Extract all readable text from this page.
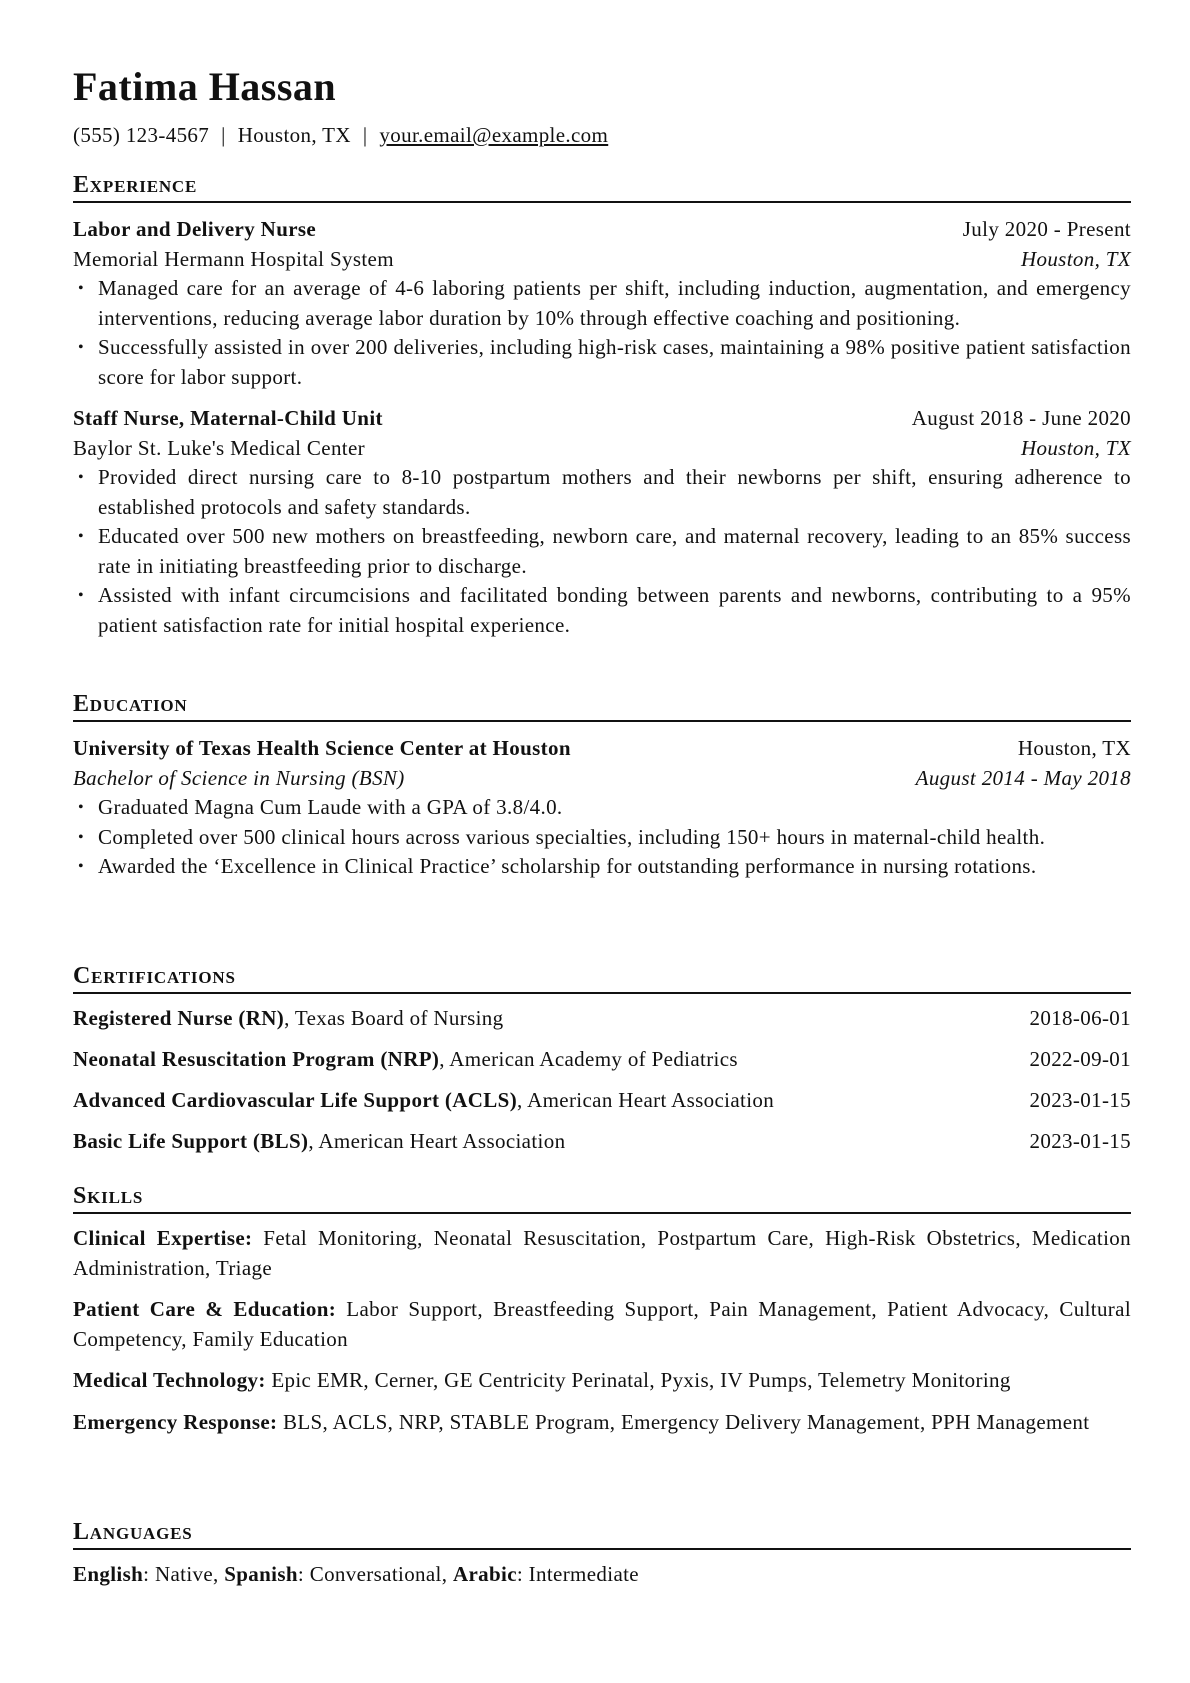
Fatima Hassan
(555) 123-4567 | Houston, TX | your.email@example.com
Experience
Labor and Delivery Nurse	July 2020 - Present
Memorial Hermann Hospital System	Houston, TX
• Managed care for an average of 4-6 laboring patients per shift, including induction, augmentation, and emergency interventions, reducing average labor duration by 10% through effective coaching and positioning.
• Successfully assisted in over 200 deliveries, including high-risk cases, maintaining a 98% positive patient satisfaction score for labor support.
Staff Nurse, Maternal-Child Unit	August 2018 - June 2020
Baylor St. Luke's Medical Center	Houston, TX
• Provided direct nursing care to 8-10 postpartum mothers and their newborns per shift, ensuring adherence to established protocols and safety standards.
• Educated over 500 new mothers on breastfeeding, newborn care, and maternal recovery, leading to an 85% success rate in initiating breastfeeding prior to discharge.
• Assisted with infant circumcisions and facilitated bonding between parents and newborns, contributing to a 95% patient satisfaction rate for initial hospital experience.
Education
University of Texas Health Science Center at Houston	Houston, TX
Bachelor of Science in Nursing (BSN)	August 2014 - May 2018
• Graduated Magna Cum Laude with a GPA of 3.8/4.0.
• Completed over 500 clinical hours across various specialties, including 150+ hours in maternal-child health.
• Awarded the ‘Excellence in Clinical Practice’ scholarship for outstanding performance in nursing rotations.
Certifications
Registered Nurse (RN), Texas Board of Nursing	2018-06-01
Neonatal Resuscitation Program (NRP), American Academy of Pediatrics	2022-09-01
Advanced Cardiovascular Life Support (ACLS), American Heart Association	2023-01-15
Basic Life Support (BLS), American Heart Association	2023-01-15
Skills
Clinical Expertise: Fetal Monitoring, Neonatal Resuscitation, Postpartum Care, High-Risk Obstetrics, Medication Administration, Triage
Patient Care & Education: Labor Support, Breastfeeding Support, Pain Management, Patient Advocacy, Cultural Competency, Family Education
Medical Technology: Epic EMR, Cerner, GE Centricity Perinatal, Pyxis, IV Pumps, Telemetry Monitoring
Emergency Response: BLS, ACLS, NRP, STABLE Program, Emergency Delivery Management, PPH Management
Languages
English: Native, Spanish: Conversational, Arabic: Intermediate
